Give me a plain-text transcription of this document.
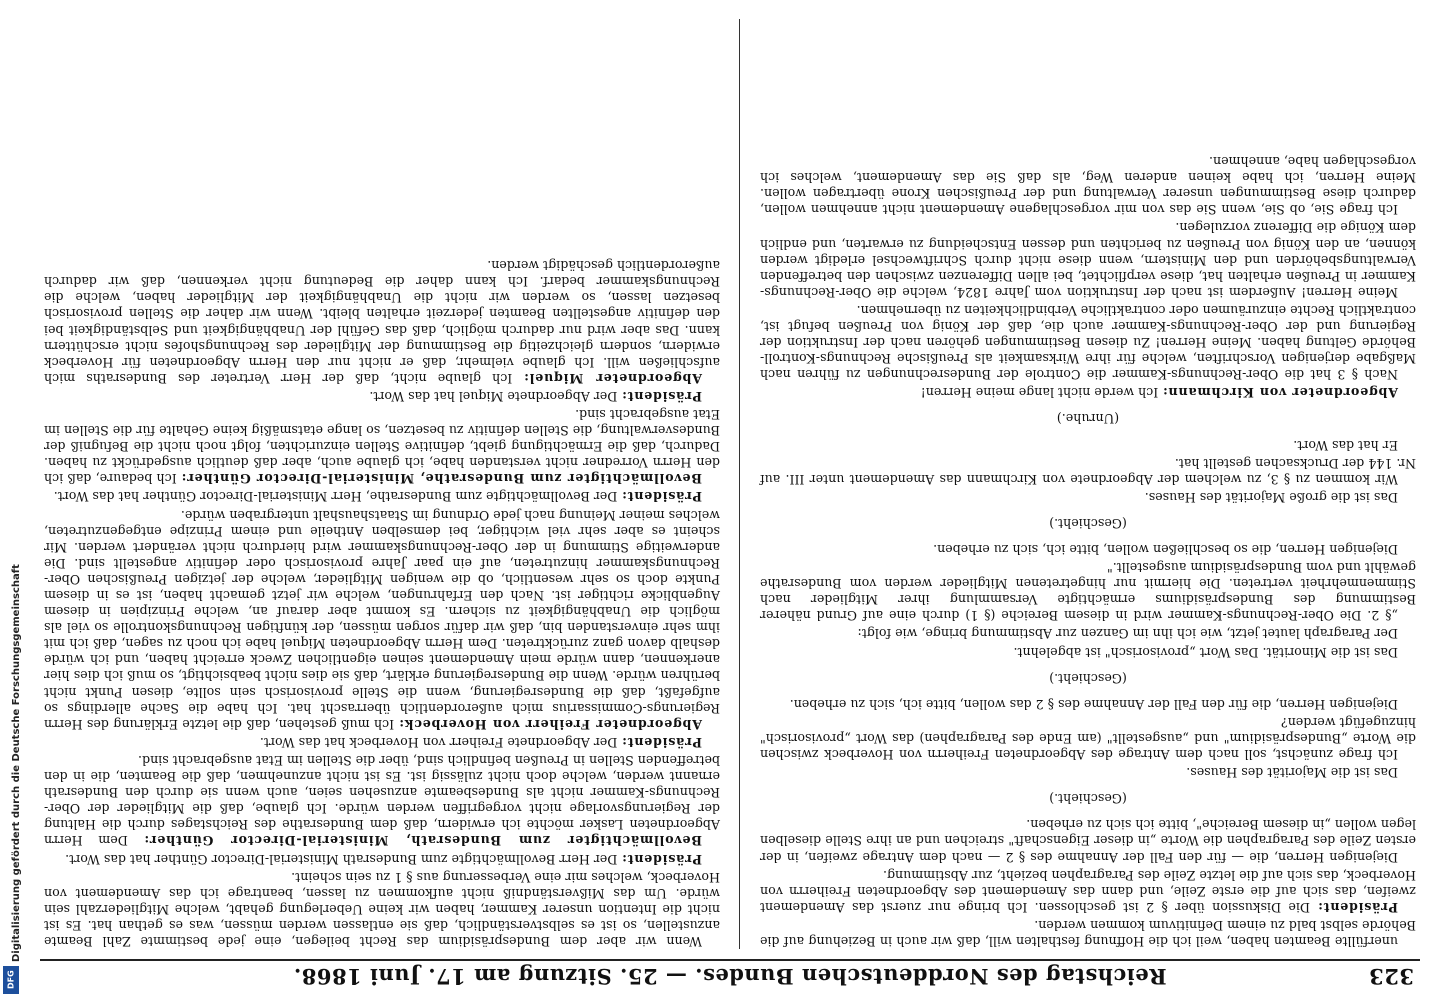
Digitalisierung gefördert durch die Deutsche Forschungsgemeinschaft
DFG	323
Reichstag des Norddeutschen Bundes. — 25. Sitzung am 17. Juni 1868.

unerfüllte Beamten haben, weil ich die Hoffnung festhalten will, daß wir auch in Beziehung auf die Behörde selbst bald zu einem Definitivum kommen werden.

Präsident: Die Diskussion über § 2 ist geschlossen. Ich bringe nur zuerst das Amendement zweifen, das sich auf die erste Zeile, und dann das Amendement des Abgeordneten Freiherrn von Hoverbeck, das sich auf die letzte Zeile des Paragraphen bezieht, zur Abstimmung.

Diejenigen Herren, die — für den Fall der Annahme des § 2 — nach dem Antrage zweifen, in der ersten Zeile des Paragraphen die Worte „in dieser Eigenschaft" streichen und an ihre Stelle dieselben legen wollen „in diesem Bereiche", bitte ich sich zu erheben.

(Geschieht.)

Das ist die Majorität des Hauses.

Ich frage zunächst, soll nach dem Antrage des Abgeordneten Freiherrn von Hoverbeck zwischen die Worte „Bundespräsidium" und „ausgestellt" (am Ende des Paragraphen) das Wort „provisorisch" hinzugefügt werden?

Diejenigen Herren, die für den Fall der Annahme des § 2 das wollen, bitte ich, sich zu erheben.

(Geschieht.)

Das ist die Minorität. Das Wort „provisorisch" ist abgelehnt.

Der Paragraph lautet jetzt, wie ich ihn im Ganzen zur Abstimmung bringe, wie folgt:

„§ 2. Die Ober-Rechnungs-Kammer wird in diesem Bereiche (§ 1) durch eine auf Grund näherer Bestimmung des Bundespräsidiums ermächtigte Versammlung ihrer Mitglieder nach Stimmenmehrheit vertreten. Die hiermit nur hingetretenen Mitglieder werden vom Bundesrathe gewählt und vom Bundespräsidium ausgestellt."

Diejenigen Herren, die so beschließen wollen, bitte ich, sich zu erheben.

(Geschieht.)

Das ist die große Majorität des Hauses.

Wir kommen zu § 3, zu welchem der Abgeordnete von Kirchmann das Amendement unter III. auf Nr. 144 der Drucksachen gestellt hat.

Er hat das Wort.

(Unruhe.)

Abgeordneter von Kirchmann: Ich werde nicht lange meine Herren!

Nach § 3 hat die Ober-Rechnungs-Kammer die Controle der Bundesrechnungen zu führen nach Maßgabe derjenigen Vorschriften, welche für ihre Wirksamkeit als Preußische Rechnungs-Kontroll-Behörde Geltung haben. Meine Herren! Zu diesen Bestimmungen gehören nach der Instruktion der Regierung und der Ober-Rechnungs-Kammer auch die, daß der König von Preußen befugt ist, contraktlich Rechte einzuräumen oder contraktliche Verbindlichkeiten zu übernehmen.

Meine Herren! Außerdem ist nach der Instruktion vom Jahre 1824, welche die Ober-Rechnungs-Kammer in Preußen erhalten hat, diese verpflichtet, bei allen Differenzen zwischen den betreffenden Verwaltungsbehörden und den Ministern, wenn diese nicht durch Schriftwechsel erledigt werden können, an den König von Preußen zu berichten und dessen Entscheidung zu erwarten, und endlich dem Könige die Differenz vorzulegen.

Ich frage Sie, ob Sie, wenn Sie das von mir vorgeschlagene Amendement nicht annehmen wollen, dadurch diese Bestimmungen unserer Verwaltung und der Preußischen Krone übertragen wollen. Meine Herren, ich habe keinen anderen Weg, als daß Sie das Amendement, welches ich vorgeschlagen habe, annehmen.

Wenn wir aber dem Bundespräsidium das Recht beilegen, eine jede bestimmte Zahl Beamte anzustellen, so ist es selbstverständlich, daß sie entlassen werden müssen, was es gethan hat. Es ist nicht die Intention unserer Kammer, haben wir keine Ueberlegung gehabt, welche Mitgliederzahl sein würde. Um das Mißverständniß nicht aufkommen zu lassen, beantrage ich das Amendement von Hoverbeck, welches mir eine Verbesserung aus § 1 zu sein scheint.

Präsident: Der Herr Bevollmächtigte zum Bundesrath Ministerial-Director Günther hat das Wort.

Bevollmächtigter zum Bundesrath, Ministerial-Director Günther: Dem Herrn Abgeordneten Lasker möchte ich erwidern, daß dem Bundesrathe des Reichstages durch die Haltung der Regierungsvorlage nicht vorgegriffen werden würde. Ich glaube, daß die Mitglieder der Ober-Rechnungs-Kammer nicht als Bundesbeamte anzusehen seien, auch wenn sie durch den Bundesrath ernannt werden, welche doch nicht zulässig ist. Es ist nicht anzunehmen, daß die Beamten, die in den betreffenden Stellen in Preußen befindlich sind, über die Stellen im Etat ausgebracht sind.

Präsident: Der Abgeordnete Freiherr von Hoverbeck hat das Wort.

Abgeordneter Freiherr von Hoverbeck: Ich muß gestehen, daß die letzte Erklärung des Herrn Regierungs-Commissarius mich außerordentlich überrascht hat. Ich habe die Sache allerdings so aufgefaßt, daß die Bundesregierung, wenn die Stelle provisorisch sein sollte, diesen Punkt nicht berühren würde. Wenn die Bundesregierung erklärt, daß sie dies nicht beabsichtigt, so muß ich dies hier anerkennen, dann würde mein Amendement seinen eigentlichen Zweck erreicht haben, und ich würde deshalb davon ganz zurücktreten. Dem Herrn Abgeordneten Miquel habe ich noch zu sagen, daß ich mit ihm sehr einverstanden bin, daß wir dafür sorgen müssen, der künftigen Rechnungskontrolle so viel als möglich die Unabhängigkeit zu sichern. Es kommt aber darauf an, welche Prinzipien in diesem Augenblicke richtiger ist. Nach den Erfahrungen, welche wir jetzt gemacht haben, ist es in diesem Punkte doch so sehr wesentlich, ob die wenigen Mitglieder, welche der jetzigen Preußischen Ober-Rechnungskammer hinzutreten, auf ein paar Jahre provisorisch oder definitiv angestellt sind. Die anderweitige Stimmung in der Ober-Rechnungskammer wird hierdurch nicht verändert werden. Mir scheint es aber sehr viel wichtiger, bei demselben Antheile und einem Prinzipe entgegenzutreten, welches meiner Meinung nach jede Ordnung im Staatshaushalt untergraben würde.

Präsident: Der Bevollmächtigte zum Bundesrathe, Herr Ministerial-Director Günther hat das Wort.

Bevollmächtigter zum Bundesrathe, Ministerial-Director Günther: Ich bedaure, daß ich den Herrn Vorredner nicht verstanden habe, ich glaube auch, aber daß deutlich ausgedrückt zu haben. Dadurch, daß die Ermächtigung giebt, definitive Stellen einzurichten, folgt noch nicht die Befugniß der Bundesverwaltung, die Stellen definitiv zu besetzen, so lange etatsmäßig keine Gehalte für die Stellen im Etat ausgebracht sind.

Präsident: Der Abgeordnete Miquel hat das Wort.

Abgeordneter Miquel: Ich glaube nicht, daß der Herr Vertreter des Bundesraths mich aufschließen will. Ich glaube vielmehr, daß er nicht nur den Herrn Abgeordneten für Hoverbeck erwidern, sondern gleichzeitig die Bestimmung der Mitglieder des Rechnungshofes nicht erschüttern kann. Das aber wird nur dadurch möglich, daß das Gefühl der Unabhängigkeit und Selbständigkeit bei den definitiv angestellten Beamten jederzeit erhalten bleibt. Wenn wir daher die Stellen provisorisch besetzen lassen, so werden wir nicht die Unabhängigkeit der Mitglieder haben, welche die Rechnungskammer bedarf. Ich kann daher die Bedeutung nicht verkennen, daß wir dadurch außerordentlich geschädigt werden.
